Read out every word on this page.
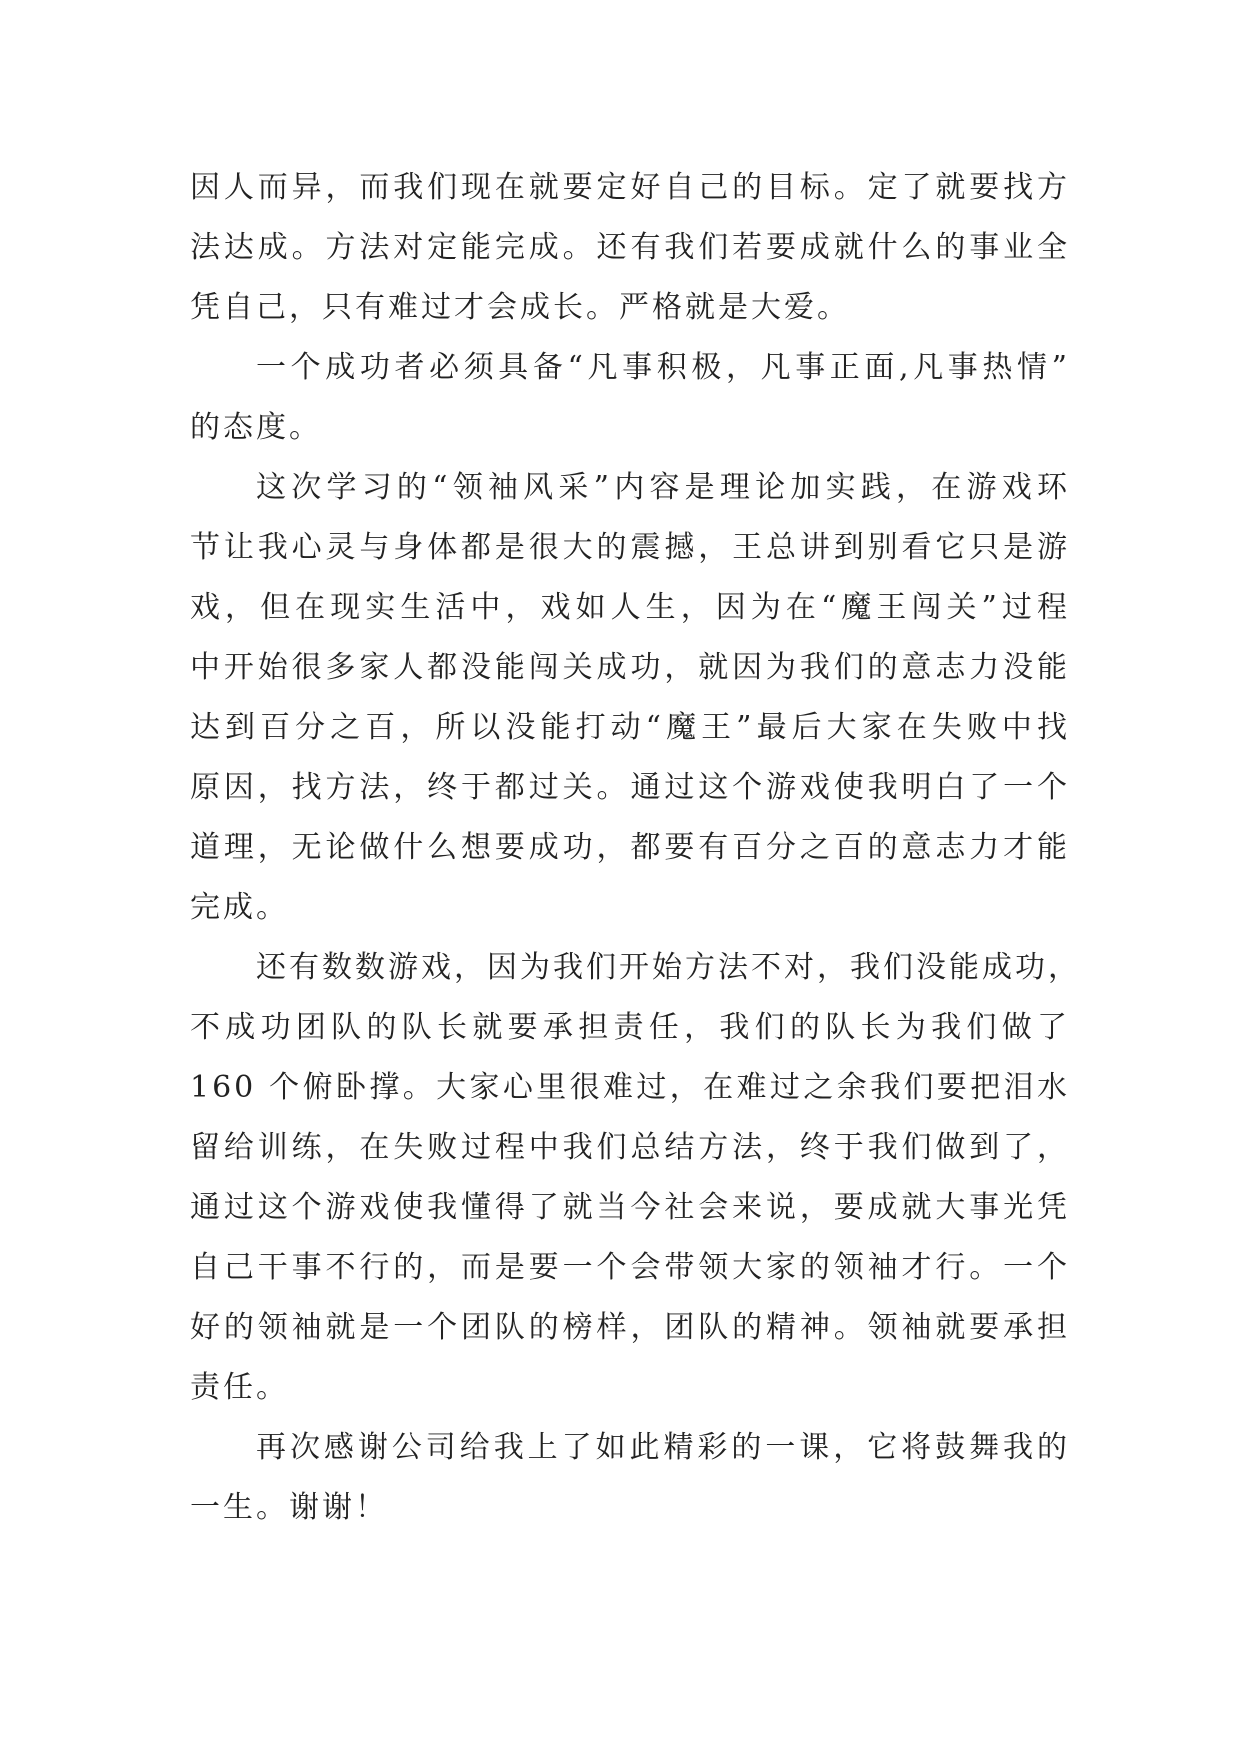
因人而异，而我们现在就要定好自己的目标。定了就要找方
法达成。方法对定能完成。还有我们若要成就什么的事业全
凭自己，只有难过才会成长。严格就是大爱。
一个成功者必须具备“凡事积极，凡事正面,凡事热情”
的态度。
这次学习的“领袖风采”内容是理论加实践，在游戏环
节让我心灵与身体都是很大的震撼，王总讲到别看它只是游
戏，但在现实生活中，戏如人生，因为在“魔王闯关”过程
中开始很多家人都没能闯关成功，就因为我们的意志力没能
达到百分之百，所以没能打动“魔王”最后大家在失败中找
原因，找方法，终于都过关。通过这个游戏使我明白了一个
道理，无论做什么想要成功，都要有百分之百的意志力才能
完成。
还有数数游戏，因为我们开始方法不对，我们没能成功，
不成功团队的队长就要承担责任，我们的队长为我们做了
160 个俯卧撑。大家心里很难过，在难过之余我们要把泪水
留给训练，在失败过程中我们总结方法，终于我们做到了，
通过这个游戏使我懂得了就当今社会来说，要成就大事光凭
自己干事不行的，而是要一个会带领大家的领袖才行。一个
好的领袖就是一个团队的榜样，团队的精神。领袖就要承担
责任。
再次感谢公司给我上了如此精彩的一课，它将鼓舞我的
一生。谢谢！
